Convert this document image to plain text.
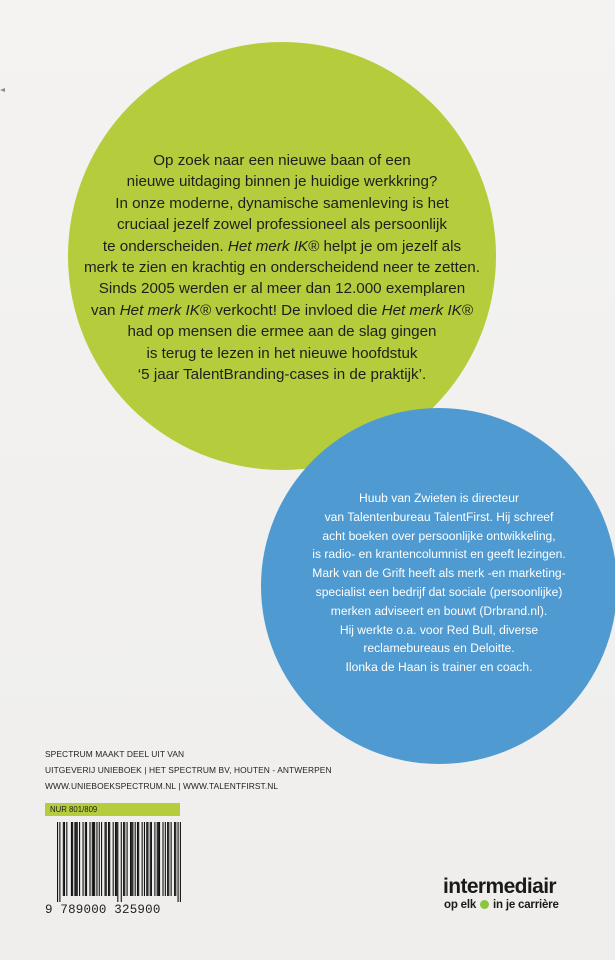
Op zoek naar een nieuwe baan of een
nieuwe uitdaging binnen je huidige werkkring?
In onze moderne, dynamische samenleving is het
cruciaal jezelf zowel professioneel als persoonlijk
te onderscheiden. Het merk IK® helpt je om jezelf als
merk te zien en krachtig en onderscheidend neer te zetten.
Sinds 2005 werden er al meer dan 12.000 exemplaren
van Het merk IK® verkocht! De invloed die Het merk IK®
had op mensen die ermee aan de slag gingen
is terug te lezen in het nieuwe hoofdstuk
‘5 jaar TalentBranding-cases in de praktijk’.
Huub van Zwieten is directeur
van Talentenbureau TalentFirst. Hij schreef
acht boeken over persoonlijke ontwikkeling,
is radio- en krantencolumnist en geeft lezingen.
Mark van de Grift heeft als merk -en marketing-
specialist een bedrijf dat sociale (persoonlijke)
merken adviseert en bouwt (Drbrand.nl).
Hij werkte o.a. voor Red Bull, diverse
reclamebureaus en Deloitte.
Ilonka de Haan is trainer en coach.
SPECTRUM MAAKT DEEL UIT VAN
UITGEVERIJ UNIEBOEK | HET SPECTRUM BV, HOUTEN - ANTWERPEN
WWW.UNIEBOEKSPECTRUM.NL | WWW.TALENTFIRST.NL
NUR 801/809
9 789000 325900
intermediair
op elk in je carrière
